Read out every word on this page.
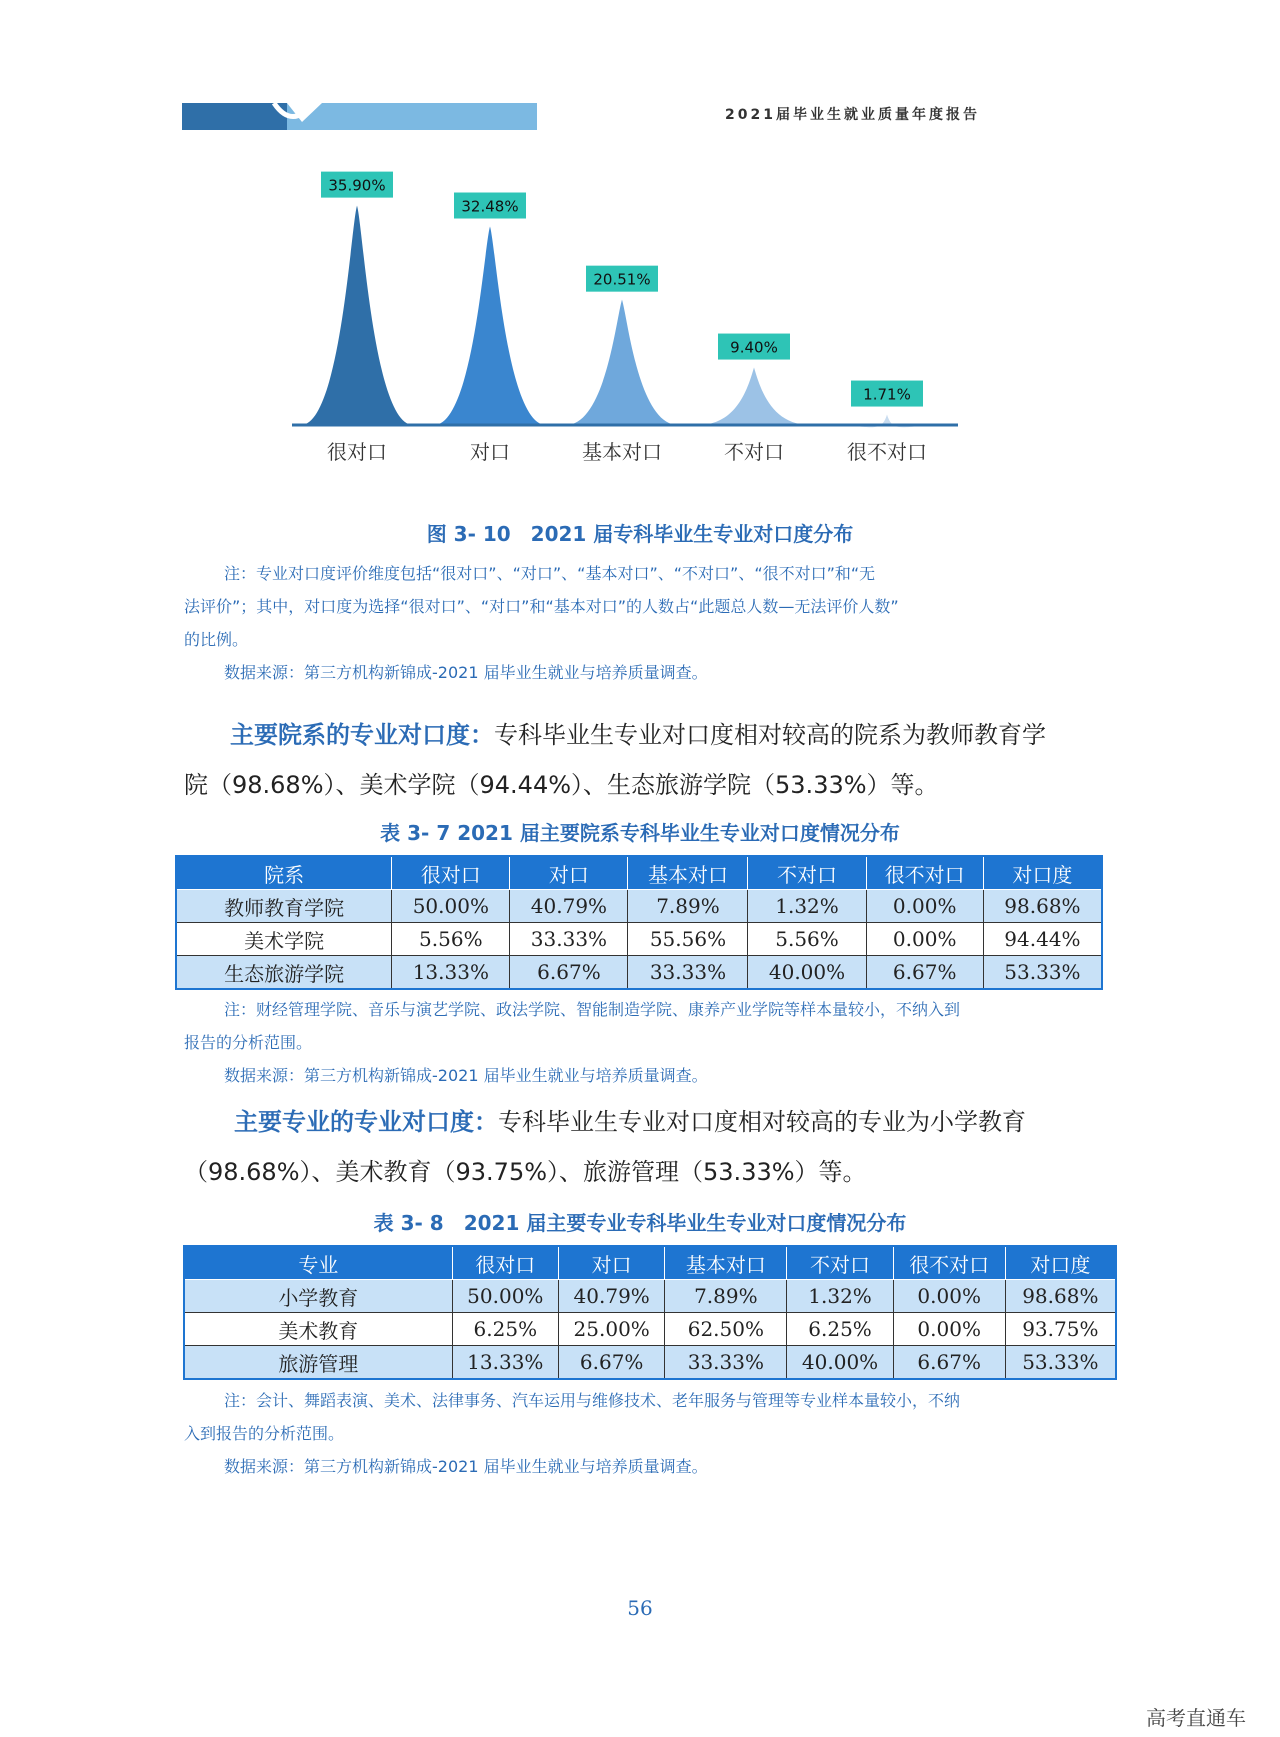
2021届毕业生就业质量年度报告
35.90%
很对口
32.48%
对口
20.51%
基本对口
9.40%
不对口
1.71%
很不对口
图 3- 10　2021 届专科毕业生专业对口度分布
注：专业对口度评价维度包括“很对口”、“对口”、“基本对口”、“不对口”、“很不对口”和“无
法评价”；其中，对口度为选择“很对口”、“对口”和“基本对口”的人数占“此题总人数—无法评价人数”
的比例。
数据来源：第三方机构新锦成-2021 届毕业生就业与培养质量调查。
主要院系的专业对口度：专科毕业生专业对口度相对较高的院系为教师教育学
院（98.68%）、美术学院（94.44%）、生态旅游学院（53.33%）等。
表 3- 7 2021 届主要院系专科毕业生专业对口度情况分布
院系	很对口	对口	基本对口	不对口	很不对口	对口度
教师教育学院	50.00%	40.79%	7.89%	1.32%	0.00%	98.68%
美术学院	5.56%	33.33%	55.56%	5.56%	0.00%	94.44%
生态旅游学院	13.33%	6.67%	33.33%	40.00%	6.67%	53.33%
注：财经管理学院、音乐与演艺学院、政法学院、智能制造学院、康养产业学院等样本量较小，不纳入到
报告的分析范围。
数据来源：第三方机构新锦成-2021 届毕业生就业与培养质量调查。
主要专业的专业对口度：专科毕业生专业对口度相对较高的专业为小学教育
（98.68%）、美术教育（93.75%）、旅游管理（53.33%）等。
表 3- 8　2021 届主要专业专科毕业生专业对口度情况分布
专业	很对口	对口	基本对口	不对口	很不对口	对口度
小学教育	50.00%	40.79%	7.89%	1.32%	0.00%	98.68%
美术教育	6.25%	25.00%	62.50%	6.25%	0.00%	93.75%
旅游管理	13.33%	6.67%	33.33%	40.00%	6.67%	53.33%
注：会计、舞蹈表演、美术、法律事务、汽车运用与维修技术、老年服务与管理等专业样本量较小，不纳
入到报告的分析范围。
数据来源：第三方机构新锦成-2021 届毕业生就业与培养质量调查。
56
高考直通车
